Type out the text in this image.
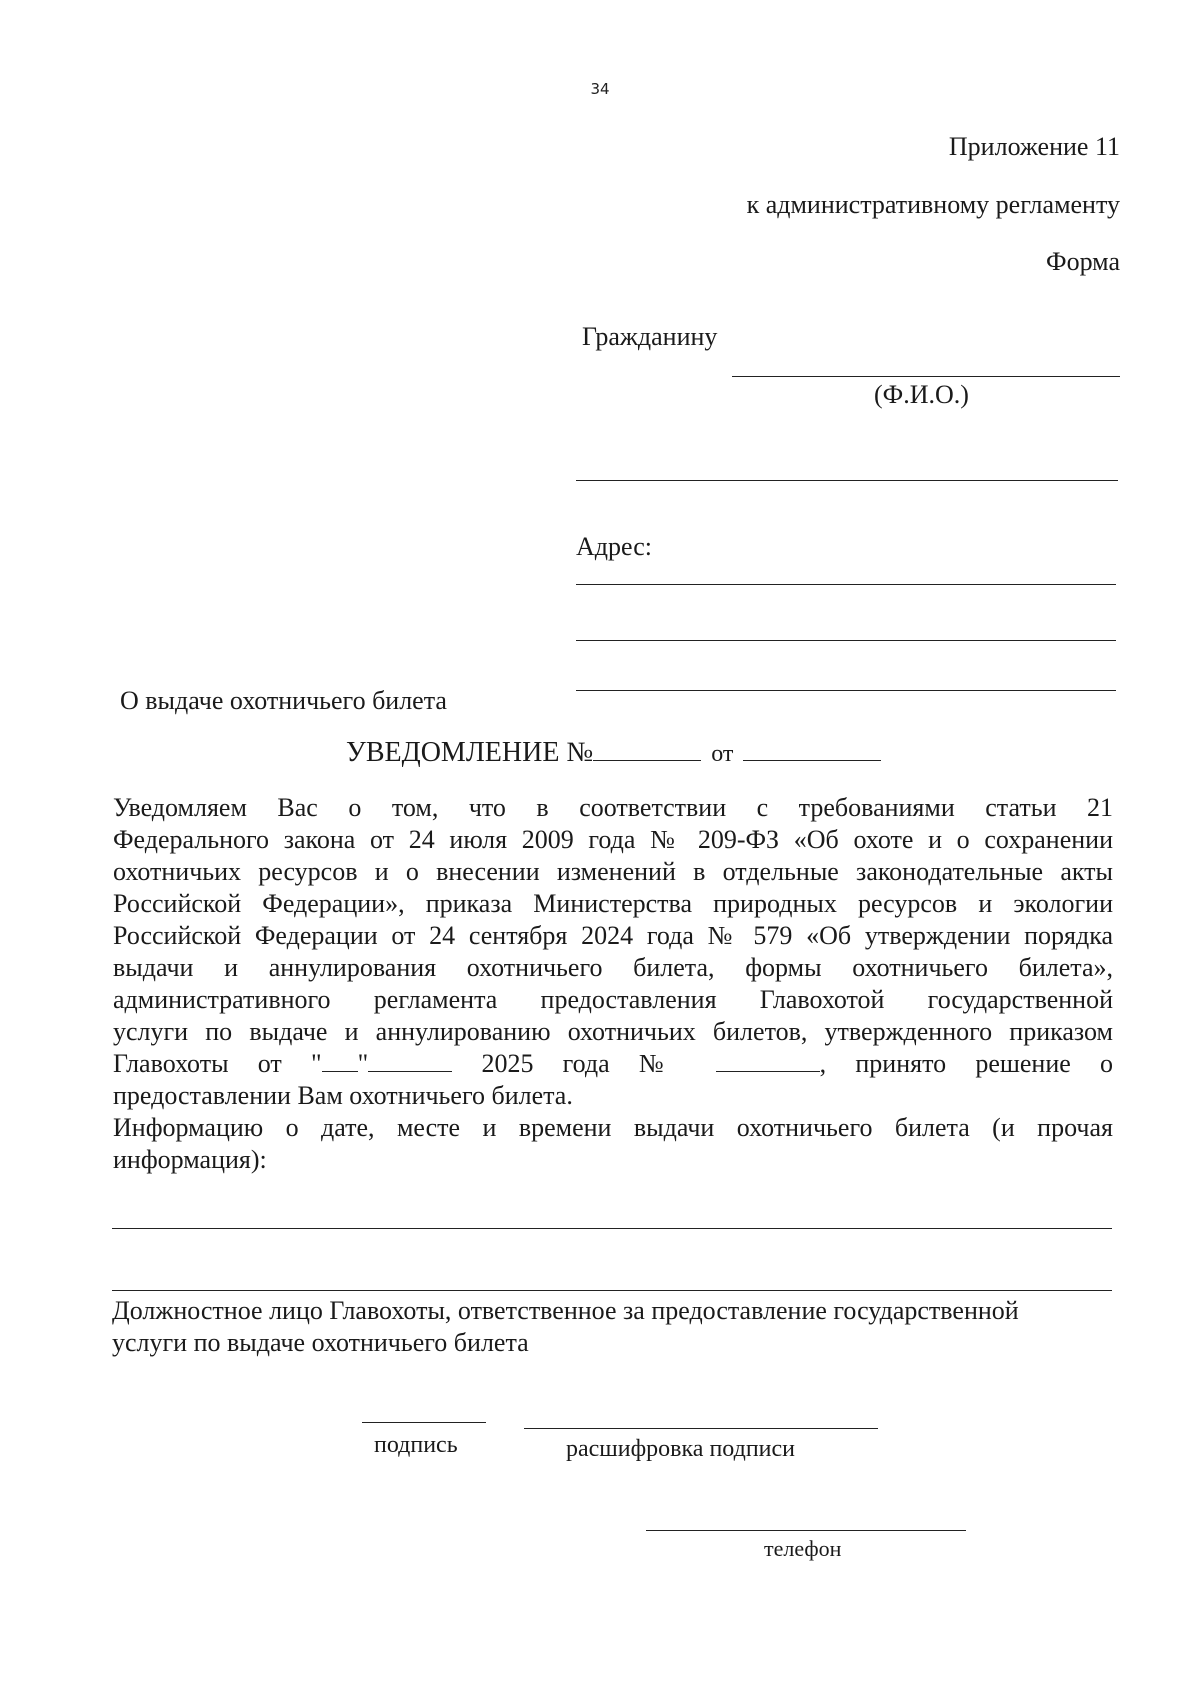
34
Приложение 11
к административному регламенту
Форма
Гражданину
(Ф.И.О.)
Адрес:
О выдаче охотничьего билета
УВЕДОМЛЕНИЕ №	от
Уведомляем Вас о том, что в соответствии с требованиями статьи 21
Федерального закона от 24 июля 2009 года № 209-ФЗ «Об охоте и о сохранении
охотничьих ресурсов и о внесении изменений в отдельные законодательные акты
Российской Федерации», приказа Министерства природных ресурсов и экологии
Российской Федерации от 24 сентября 2024 года № 579 «Об утверждении порядка
выдачи и аннулирования охотничьего билета, формы охотничьего билета»,
административного регламента предоставления Главохотой государственной
услуги по выдаче и аннулированию охотничьих билетов, утвержденного приказом
Главохоты от " "	2025 года №	, принято решение о
предоставлении Вам охотничьего билета.
Информацию о дате, месте и времени выдачи охотничьего билета (и прочая
информация):
Должностное лицо Главохоты, ответственное за предоставление государственной
услуги по выдаче охотничьего билета
подпись	расшифровка подписи
телефон
